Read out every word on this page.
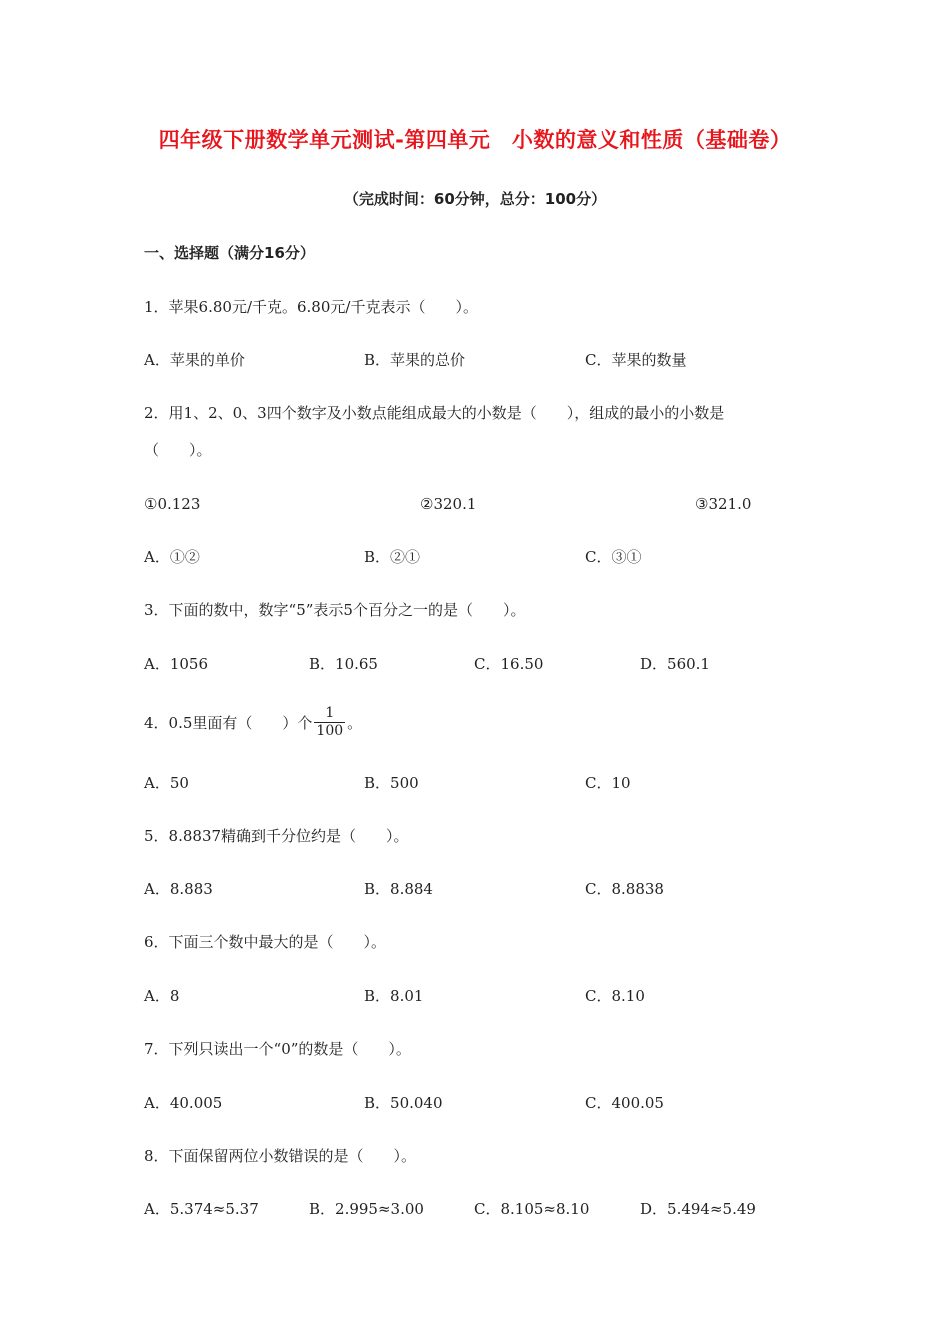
四年级下册数学单元测试-第四单元　小数的意义和性质（基础卷）
（完成时间：60分钟，总分：100分）
一、选择题（满分16分）
1．苹果6.80元/千克。6.80元/千克表示（　　）。
A．苹果的单价	B．苹果的总价	C．苹果的数量
2．用1、2、0、3四个数字及小数点能组成最大的小数是（　　），组成的最小的小数是
（　　）。
①0.123	②320.1	③321.0
A．①②	B．②①	C．③①
3．下面的数中，数字“5”表示5个百分之一的是（　　）。
A．1056	B．10.65	C．16.50	D．560.1
4．0.5里面有（　　）个 $\frac{1}{100}$ 。
A．50	B．500	C．10
5．8.8837精确到千分位约是（　　）。
A．8.883	B．8.884	C．8.8838
6．下面三个数中最大的是（　　）。
A．8	B．8.01	C．8.10
7．下列只读出一个“0”的数是（　　）。
A．40.005	B．50.040	C．400.05
8．下面保留两位小数错误的是（　　）。
A．5.374≈5.37	B．2.995≈3.00	C．8.105≈8.10	D．5.494≈5.49
